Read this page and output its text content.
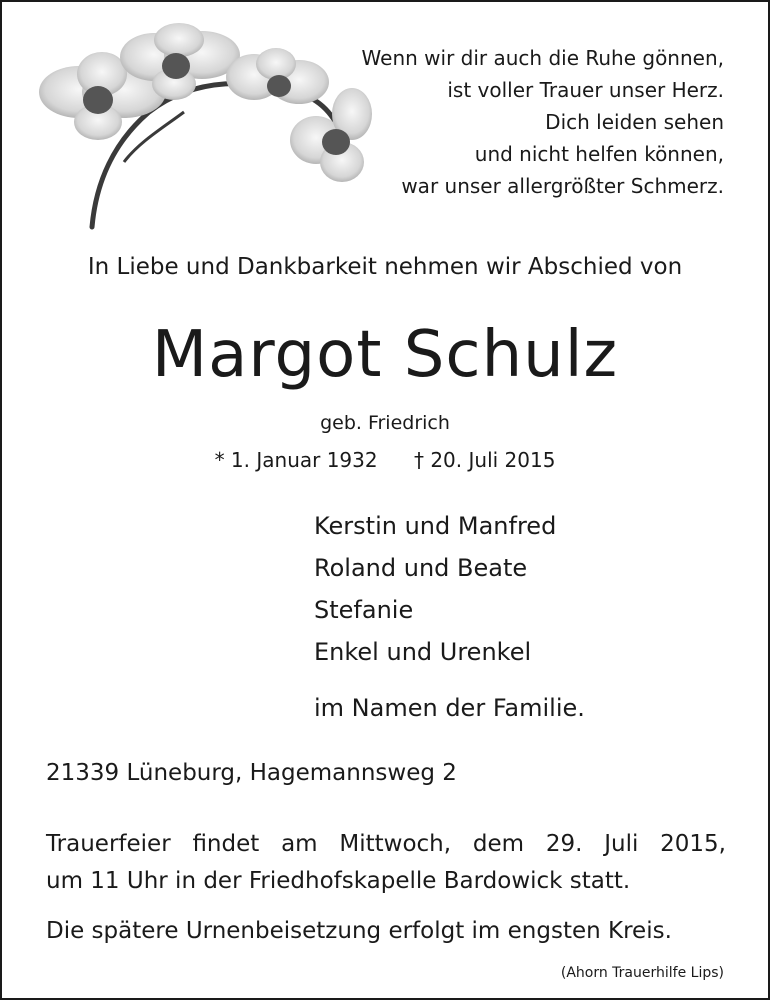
Wenn wir dir auch die Ruhe gönnen,
ist voller Trauer unser Herz.
Dich leiden sehen
und nicht helfen können,
war unser allergrößter Schmerz.
In Liebe und Dankbarkeit nehmen wir Abschied von
Margot Schulz
geb. Friedrich
* 1. Januar 1932 † 20. Juli 2015
Kerstin und Manfred
Roland und Beate
Stefanie
Enkel und Urenkel
im Namen der Familie.
21339 Lüneburg, Hagemannsweg 2
Trauerfeier findet am Mittwoch, dem 29. Juli 2015,
um 11 Uhr in der Friedhofskapelle Bardowick statt.
Die spätere Urnenbeisetzung erfolgt im engsten Kreis.
(Ahorn Trauerhilfe Lips)
